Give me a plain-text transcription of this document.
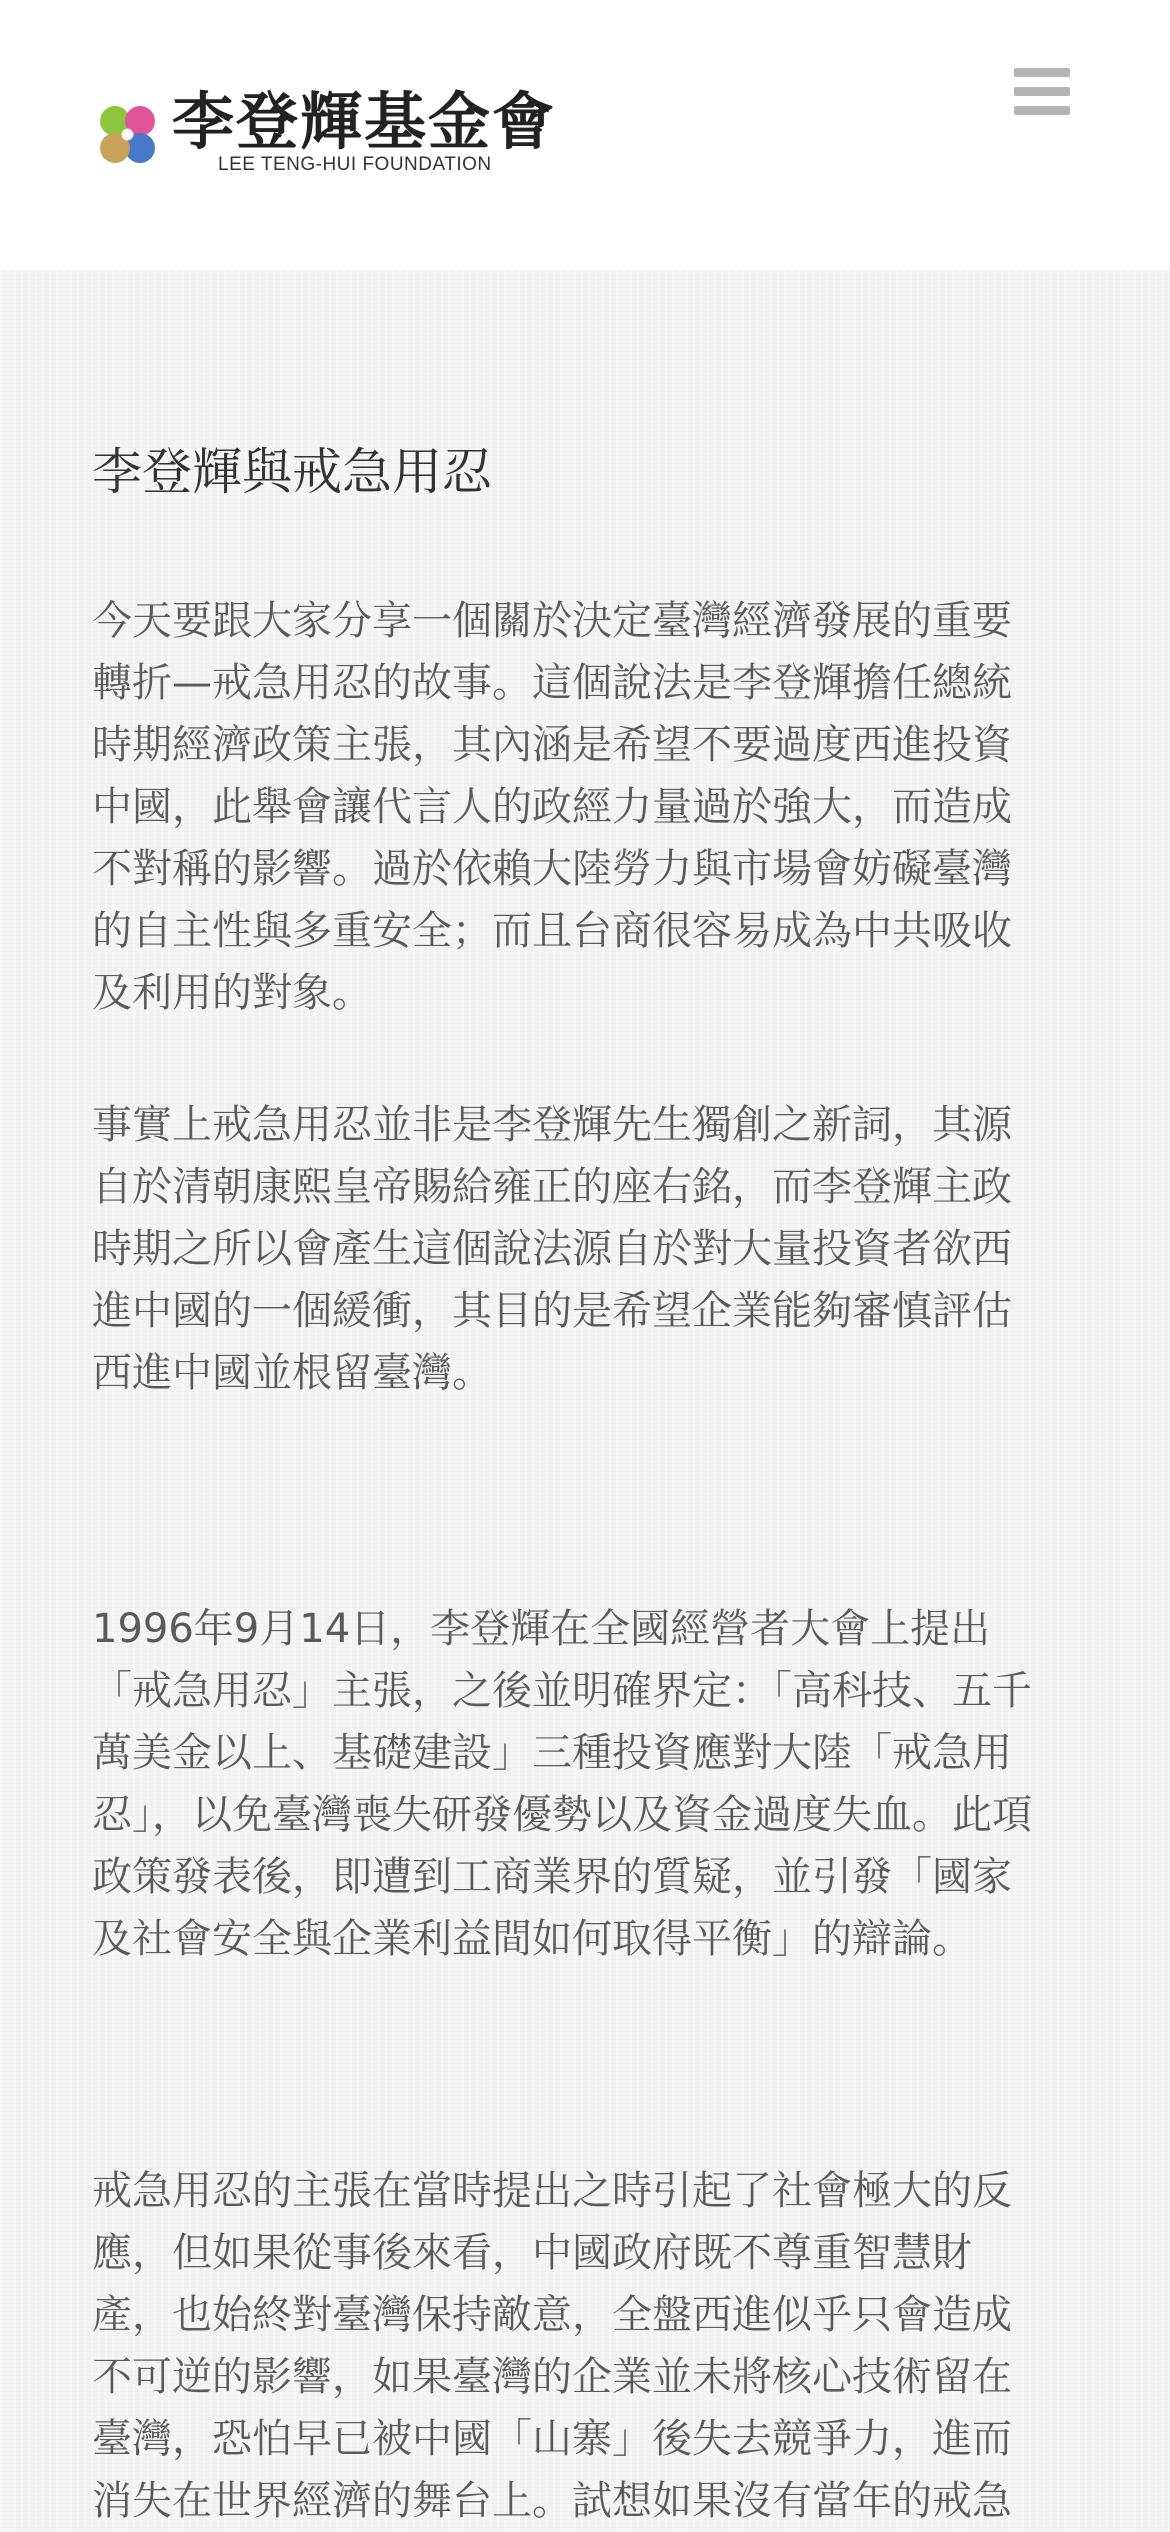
李登輝基金會
LEE TENG-HUI FOUNDATION
李登輝與戒急用忍

今天要跟大家分享一個關於決定臺灣經濟發展的重要
轉折—戒急用忍的故事。這個說法是李登輝擔任總統
時期經濟政策主張，其內涵是希望不要過度西進投資
中國，此舉會讓代言人的政經力量過於強大，而造成
不對稱的影響。過於依賴大陸勞力與市場會妨礙臺灣
的自主性與多重安全；而且台商很容易成為中共吸收
及利用的對象。

事實上戒急用忍並非是李登輝先生獨創之新詞，其源
自於清朝康熙皇帝賜給雍正的座右銘，而李登輝主政
時期之所以會產生這個說法源自於對大量投資者欲西
進中國的一個緩衝，其目的是希望企業能夠審慎評估
西進中國並根留臺灣。

1996年9月14日，李登輝在全國經營者大會上提出
「戒急用忍」主張，之後並明確界定：「高科技、五千
萬美金以上、基礎建設」三種投資應對大陸「戒急用
忍」，以免臺灣喪失研發優勢以及資金過度失血。此項
政策發表後，即遭到工商業界的質疑，並引發「國家
及社會安全與企業利益間如何取得平衡」的辯論。

戒急用忍的主張在當時提出之時引起了社會極大的反
應，但如果從事後來看，中國政府既不尊重智慧財
產，也始終對臺灣保持敵意，全盤西進似乎只會造成
不可逆的影響，如果臺灣的企業並未將核心技術留在
臺灣，恐怕早已被中國「山寨」後失去競爭力，進而
消失在世界經濟的舞台上。試想如果沒有當年的戒急
